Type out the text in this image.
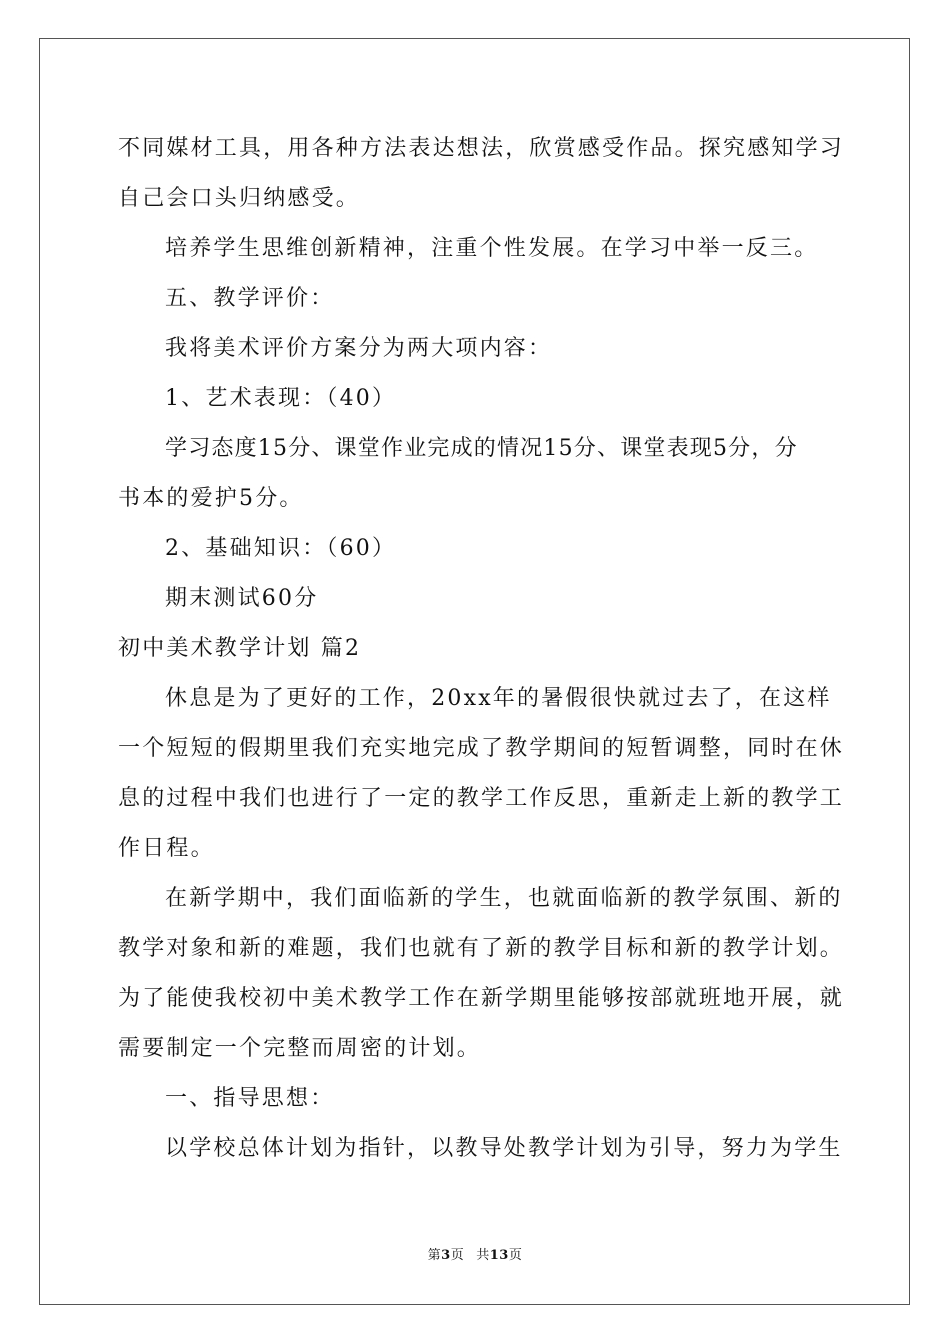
不同媒材工具，用各种方法表达想法，欣赏感受作品。探究感知学习

自己会口头归纳感受。

培养学生思维创新精神，注重个性发展。在学习中举一反三。

五、教学评价：

我将美术评价方案分为两大项内容：

1、艺术表现：（40）

学习态度15分、课堂作业完成的情况15分、课堂表现5分，分

书本的爱护5分。

2、基础知识：（60）

期末测试60分

初中美术教学计划 篇2

休息是为了更好的工作，20xx年的暑假很快就过去了，在这样

一个短短的假期里我们充实地完成了教学期间的短暂调整，同时在休

息的过程中我们也进行了一定的教学工作反思，重新走上新的教学工

作日程。

在新学期中，我们面临新的学生，也就面临新的教学氛围、新的

教学对象和新的难题，我们也就有了新的教学目标和新的教学计划。

为了能使我校初中美术教学工作在新学期里能够按部就班地开展，就

需要制定一个完整而周密的计划。

一、指导思想：

以学校总体计划为指针，以教导处教学计划为引导，努力为学生

第3页 共13页
